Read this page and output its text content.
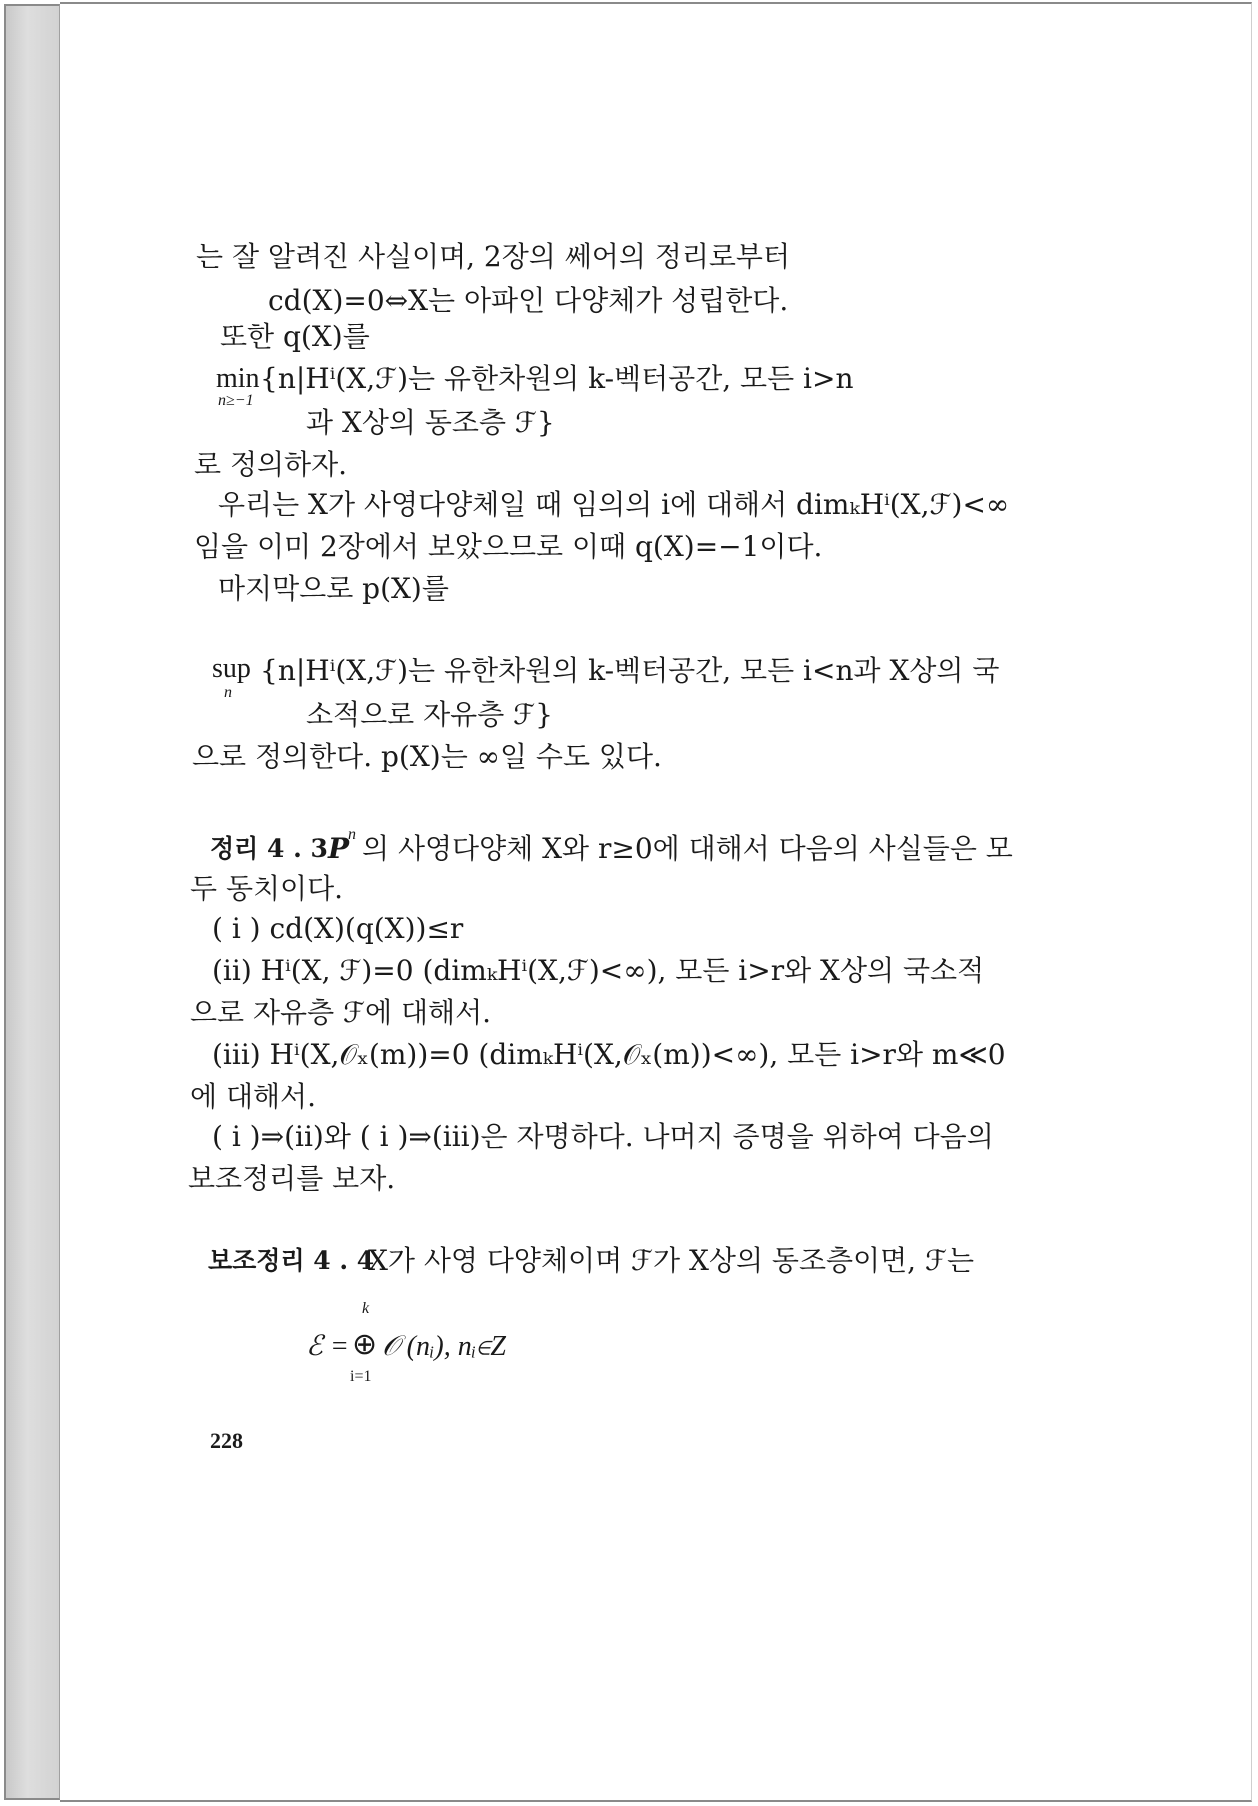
는 잘 알려진 사실이며, 2장의 쎄어의 정리로부터
cd(X)=0⇔X는 아파인 다양체가 성립한다.
또한 q(X)를
min
n≥−1
{n|Hⁱ(X,ℱ)는 유한차원의 k-벡터공간, 모든 i>n
과 X상의 동조층 ℱ}
로 정의하자.
우리는 X가 사영다양체일 때 임의의 i에 대해서 dimₖHⁱ(X,ℱ)<∞
임을 이미 2장에서 보았으므로 이때 q(X)=−1이다.
마지막으로 p(X)를
sup
n
{n|Hⁱ(X,ℱ)는 유한차원의 k-벡터공간, 모든 i<n과 X상의 국
소적으로 자유층 ℱ}
으로 정의한다. p(X)는 ∞일 수도 있다.
정리 4 . 3 P
n 의 사영다양체 X와 r≥0에 대해서 다음의 사실들은 모
두 동치이다.
( i ) cd(X)(q(X))≤r
(ii) Hⁱ(X, ℱ)=0 (dimₖHⁱ(X,ℱ)<∞), 모든 i>r와 X상의 국소적
으로 자유층 ℱ에 대해서.
(iii) Hⁱ(X,𝒪ₓ(m))=0 (dimₖHⁱ(X,𝒪ₓ(m))<∞), 모든 i>r와 m≪0
에 대해서.
( i )⇒(ii)와 ( i )⇒(iii)은 자명하다. 나머지 증명을 위하여 다음의
보조정리를 보자.
보조정리 4 . 4
X가 사영 다양체이며 ℱ가 X상의 동조층이면, ℱ는
ℰ =
k
⊕
i=1
𝒪 (nᵢ), nᵢ∈Z
228
